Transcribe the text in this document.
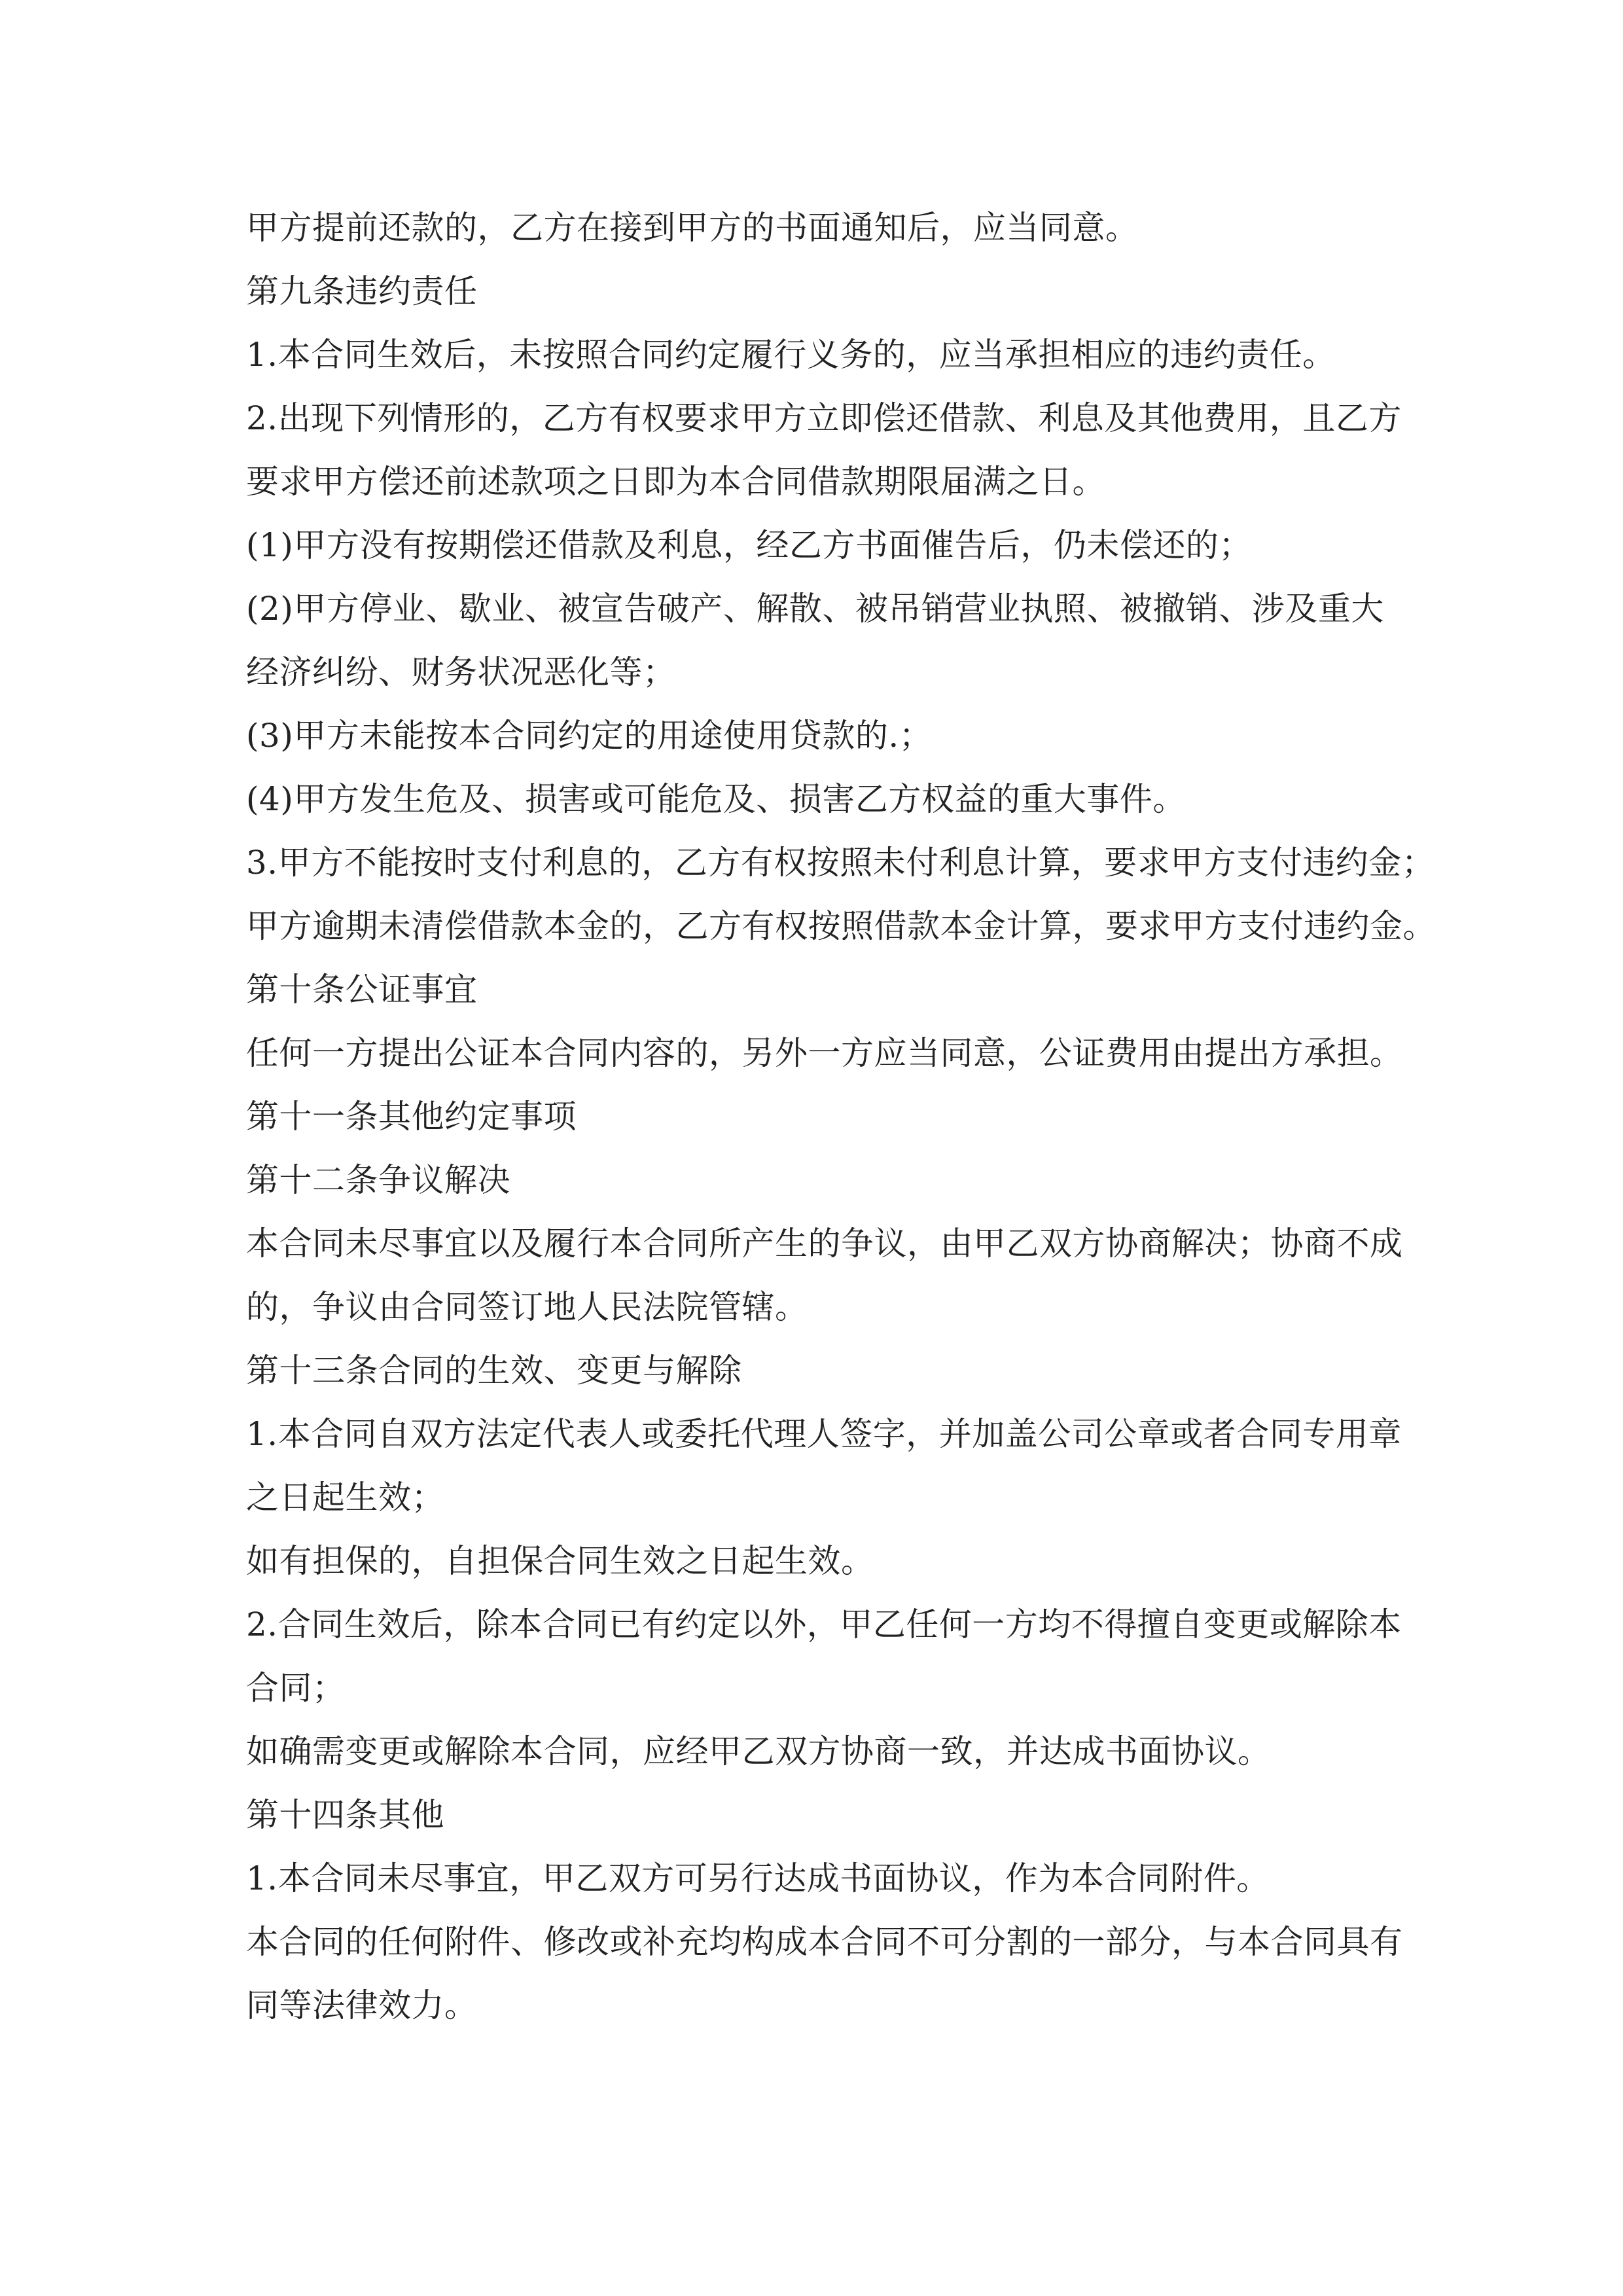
甲方提前还款的，乙方在接到甲方的书面通知后，应当同意。
第九条违约责任
1.本合同生效后，未按照合同约定履行义务的，应当承担相应的违约责任。
2.出现下列情形的，乙方有权要求甲方立即偿还借款、利息及其他费用，且乙方
要求甲方偿还前述款项之日即为本合同借款期限届满之日。
(1)甲方没有按期偿还借款及利息，经乙方书面催告后，仍未偿还的；
(2)甲方停业、歇业、被宣告破产、解散、被吊销营业执照、被撤销、涉及重大
经济纠纷、财务状况恶化等；
(3)甲方未能按本合同约定的用途使用贷款的.；
(4)甲方发生危及、损害或可能危及、损害乙方权益的重大事件。
3.甲方不能按时支付利息的，乙方有权按照未付利息计算，要求甲方支付违约金；
甲方逾期未清偿借款本金的，乙方有权按照借款本金计算，要求甲方支付违约金。
第十条公证事宜
任何一方提出公证本合同内容的，另外一方应当同意，公证费用由提出方承担。
第十一条其他约定事项
第十二条争议解决
本合同未尽事宜以及履行本合同所产生的争议，由甲乙双方协商解决；协商不成
的，争议由合同签订地人民法院管辖。
第十三条合同的生效、变更与解除
1.本合同自双方法定代表人或委托代理人签字，并加盖公司公章或者合同专用章
之日起生效；
如有担保的，自担保合同生效之日起生效。
2.合同生效后，除本合同已有约定以外，甲乙任何一方均不得擅自变更或解除本
合同；
如确需变更或解除本合同，应经甲乙双方协商一致，并达成书面协议。
第十四条其他
1.本合同未尽事宜，甲乙双方可另行达成书面协议，作为本合同附件。
本合同的任何附件、修改或补充均构成本合同不可分割的一部分，与本合同具有
同等法律效力。
